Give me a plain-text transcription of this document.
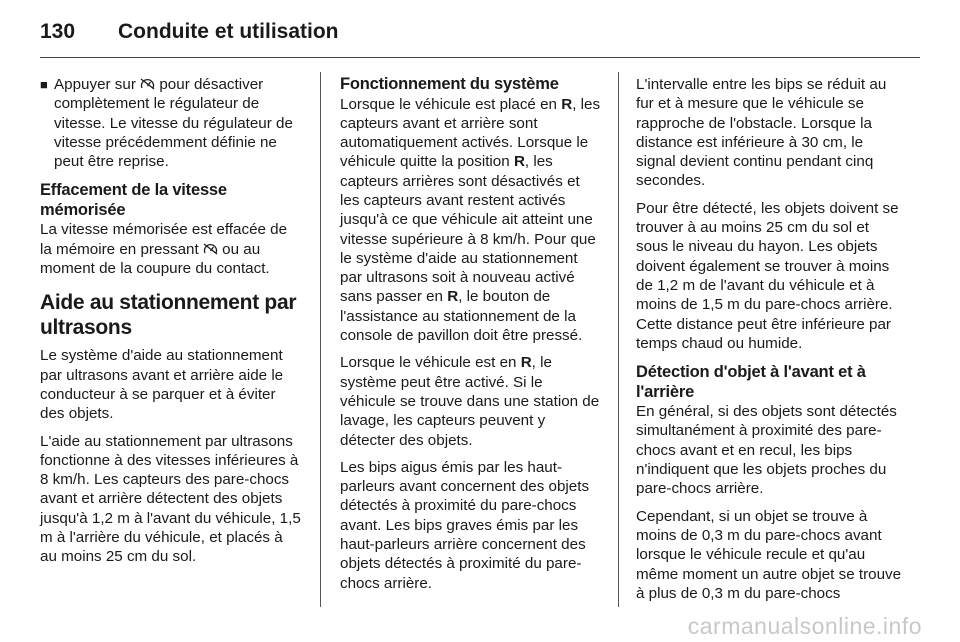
130	Conduite et utilisation
■ Appuyer sur pour désactiver complètement le régulateur de vitesse. Le vitesse du régulateur de vitesse précédemment définie ne peut être reprise.
Effacement de la vitesse mémorisée

La vitesse mémorisée est effacée de la mémoire en pressant ou au moment de la coupure du contact.

Aide au stationnement par ultrasons

Le système d'aide au stationnement par ultrasons avant et arrière aide le conducteur à se parquer et à éviter des objets.

L'aide au stationnement par ultrasons fonctionne à des vitesses inférieures à 8 km/h. Les capteurs des pare-chocs avant et arrière détectent des objets jusqu'à 1,2 m à l'avant du véhicule, 1,5 m à l'arrière du véhicule, et placés à au moins 25 cm du sol.

Fonctionnement du système

Lorsque le véhicule est placé en R, les capteurs avant et arrière sont automatiquement activés. Lorsque le véhicule quitte la position R, les capteurs arrières sont désactivés et les capteurs avant restent activés jusqu'à ce que véhicule ait atteint une vitesse supérieure à 8 km/h. Pour que le système d'aide au stationnement par ultrasons soit à nouveau activé sans passer en R, le bouton de l'assistance au stationnement de la console de pavillon doit être pressé.

Lorsque le véhicule est en R, le système peut être activé. Si le véhicule se trouve dans une station de lavage, les capteurs peuvent y détecter des objets.

Les bips aigus émis par les haut-parleurs avant concernent des objets détectés à proximité du pare-chocs avant. Les bips graves émis par les haut-parleurs arrière concernent des objets détectés à proximité du pare-chocs arrière.

L'intervalle entre les bips se réduit au fur et à mesure que le véhicule se rapproche de l'obstacle. Lorsque la distance est inférieure à 30 cm, le signal devient continu pendant cinq secondes.

Pour être détecté, les objets doivent se trouver à au moins 25 cm du sol et sous le niveau du hayon. Les objets doivent également se trouver à moins de 1,2 m de l'avant du véhicule et à moins de 1,5 m du pare-chocs arrière. Cette distance peut être inférieure par temps chaud ou humide.

Détection d'objet à l'avant et à l'arrière

En général, si des objets sont détectés simultanément à proximité des pare-chocs avant et en recul, les bips n'indiquent que les objets proches du pare-chocs arrière.

Cependant, si un objet se trouve à moins de 0,3 m du pare-chocs avant lorsque le véhicule recule et qu'au même moment un autre objet se trouve à plus de 0,3 m du pare-chocs

carmanualsonline.info
